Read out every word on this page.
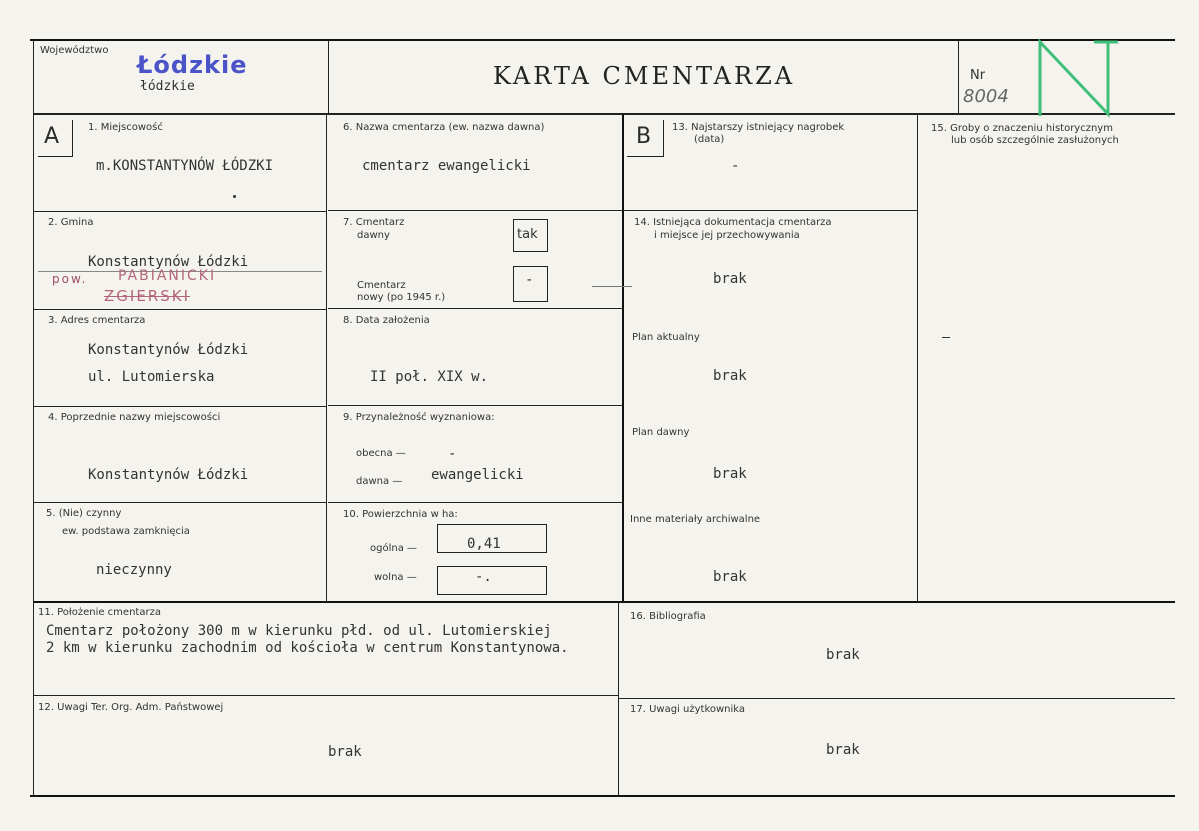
Województwo
Łódzkie
łódzkie	KARTA CMENTARZA	Nr
8004
A	B
1. Miejscowość
m.KONSTANTYNÓW ŁÓDZKI
2. Gmina
Konstantynów Łódzki
pow. PABIANICKI
ZGIERSKI
3. Adres cmentarza
Konstantynów Łódzki
ul. Lutomierska
4. Poprzednie nazwy miejscowości
Konstantynów Łódzki
5. (Nie) czynny
ew. podstawa zamknięcia
nieczynny
6. Nazwa cmentarza (ew. nazwa dawna)
cmentarz ewangelicki
7. Cmentarz
dawny	tak
Cmentarz
nowy (po 1945 r.)
-
8. Data założenia
II poł. XIX w.
9. Przynależność wyznaniowa:
obecna —	-
dawna — ewangelicki
10. Powierzchnia w ha:
ogólna —	0,41
wolna —	-.
13. Najstarszy istniejący nagrobek
(data)
-
14. Istniejąca dokumentacja cmentarza
i miejsce jej przechowywania
brak
Plan aktualny
brak
Plan dawny
brak
Inne materiały archiwalne
brak
15. Groby o znaczeniu historycznym
lub osób szczególnie zasłużonych
11. Położenie cmentarza
Cmentarz położony 300 m w kierunku płd. od ul. Lutomierskiej
2 km w kierunku zachodnim od kościoła w centrum Konstantynowa.
12. Uwagi Ter. Org. Adm. Państwowej
brak
16. Bibliografia
brak
17. Uwagi użytkownika
brak
